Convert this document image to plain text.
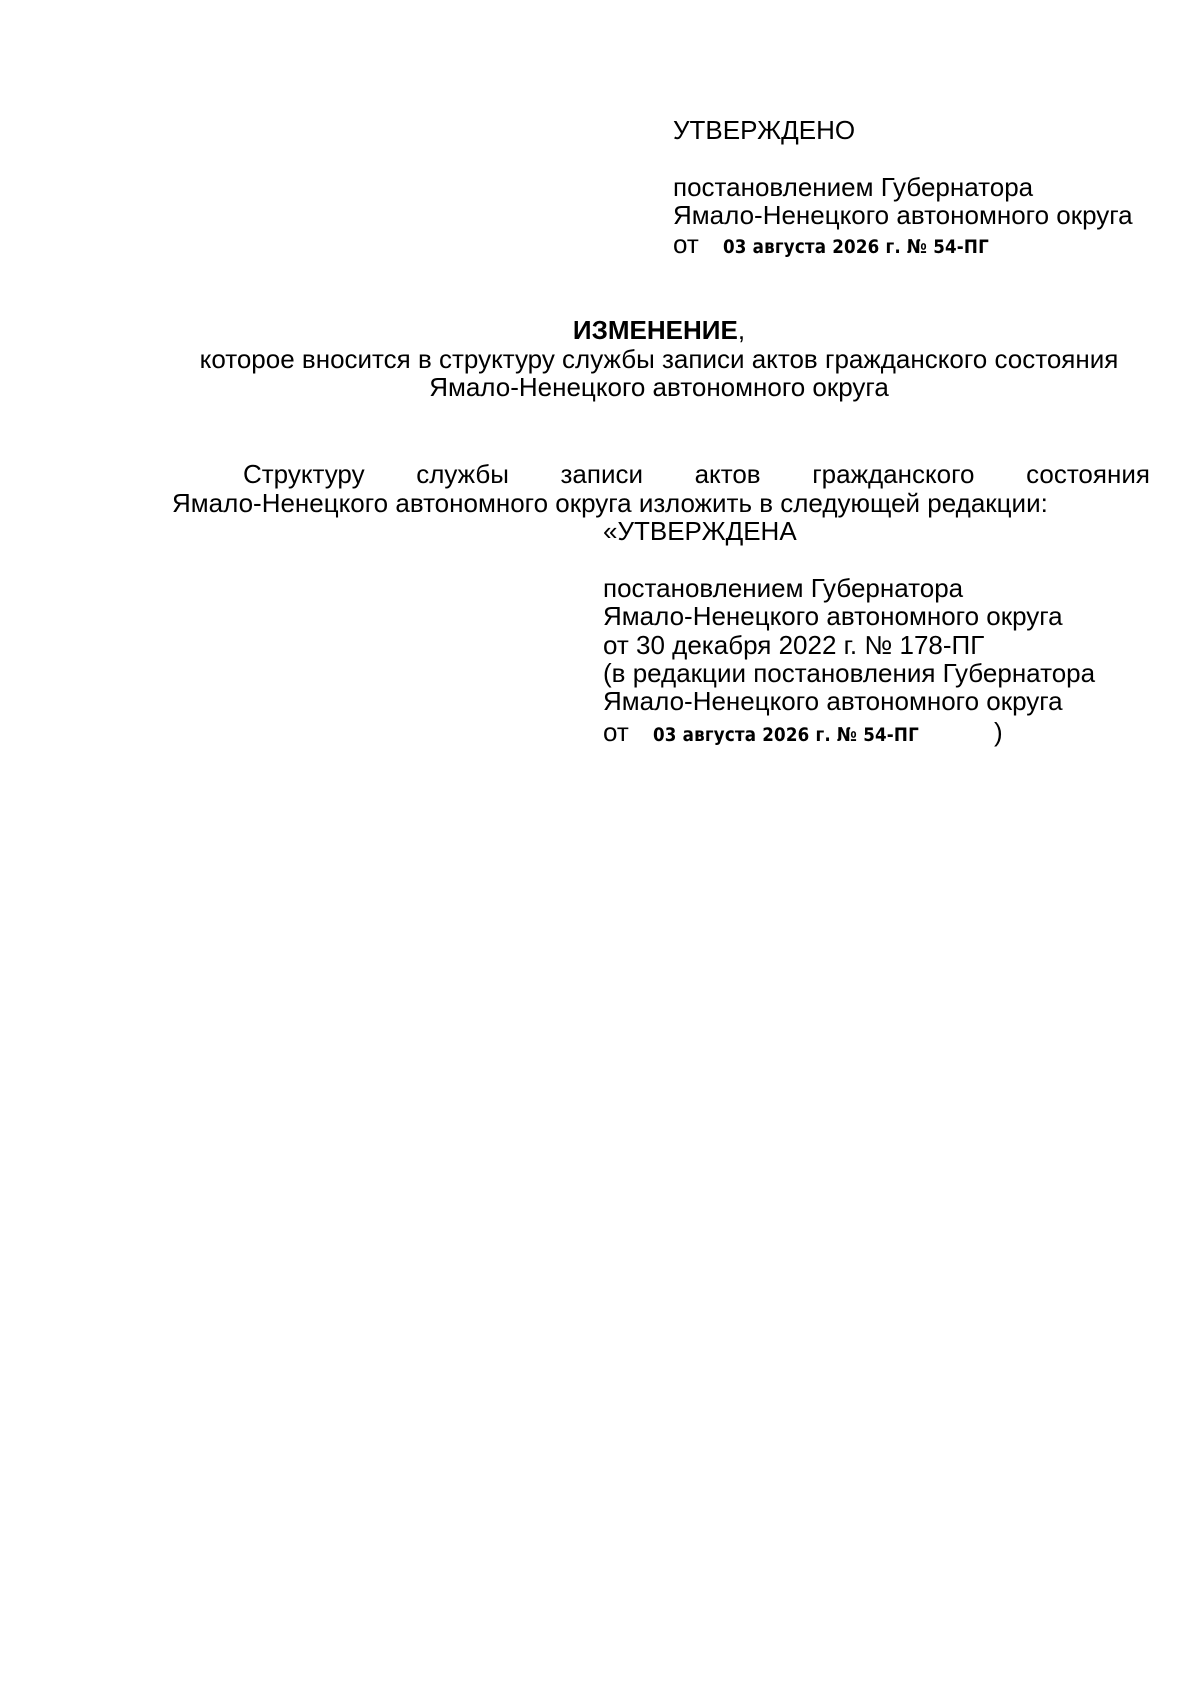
УТВЕРЖДЕНО
постановлением Губернатора
Ямало-Ненецкого автономного округа
от 03 августа 2026 г. № 54-ПГ
ИЗМЕНЕНИЕ,
которое вносится в структуру службы записи актов гражданского состояния
Ямало-Ненецкого автономного округа
Структуру службы записи актов гражданского состояния
Ямало-Ненецкого автономного округа изложить в следующей редакции:
«УТВЕРЖДЕНА
постановлением Губернатора
Ямало-Ненецкого автономного округа
от 30 декабря 2022 г. № 178-ПГ
(в редакции постановления Губернатора
Ямало-Ненецкого автономного округа
от 03 августа 2026 г. № 54-ПГ	)
